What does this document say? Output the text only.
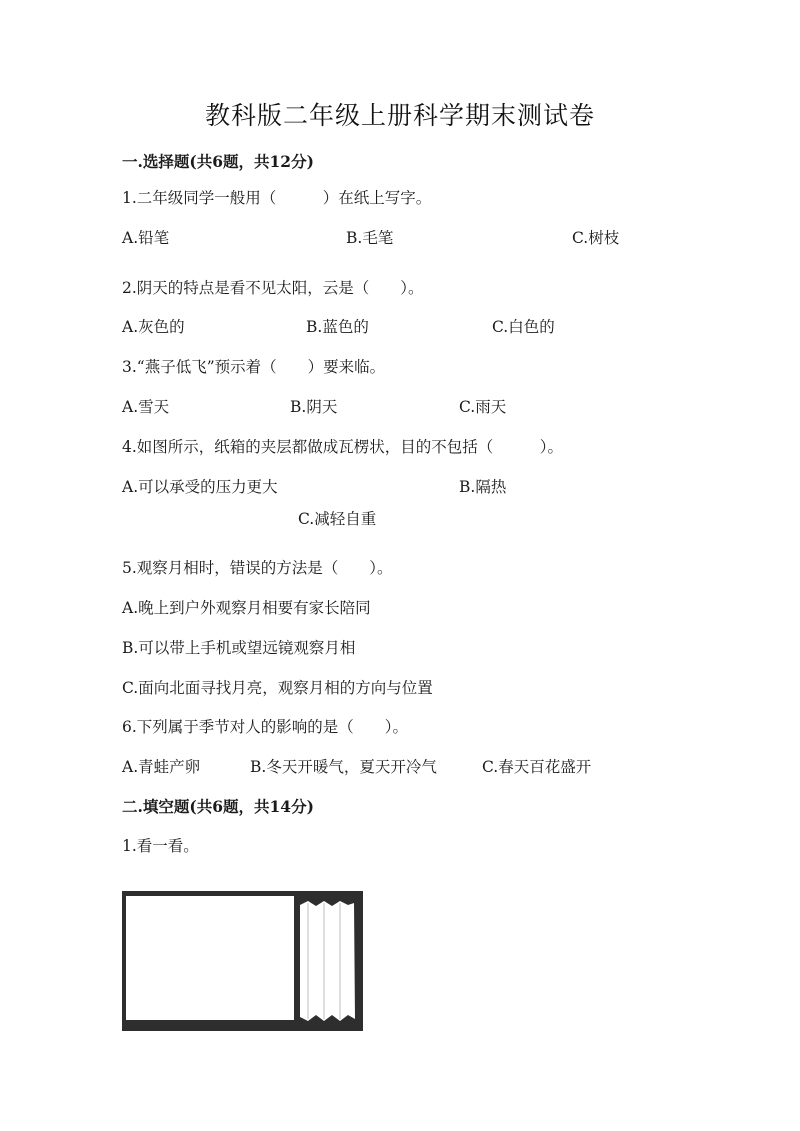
教科版二年级上册科学期末测试卷
一.选择题(共6题，共12分)
1.二年级同学一般用（　　　）在纸上写字。
A.铅笔	B.毛笔	C.树枝
2.阴天的特点是看不见太阳，云是（　　）。
A.灰色的	B.蓝色的	C.白色的
3.“燕子低飞”预示着（　　）要来临。
A.雪天	B.阴天	C.雨天
4.如图所示，纸箱的夹层都做成瓦楞状，目的不包括（　　　）。
A.可以承受的压力更大	B.隔热
C.减轻自重
5.观察月相时，错误的方法是（　　）。
A.晚上到户外观察月相要有家长陪同
B.可以带上手机或望远镜观察月相
C.面向北面寻找月亮，观察月相的方向与位置
6.下列属于季节对人的影响的是（　　）。
A.青蛙产卵	B.冬天开暖气，夏天开冷气	C.春天百花盛开
二.填空题(共6题，共14分)
1.看一看。
